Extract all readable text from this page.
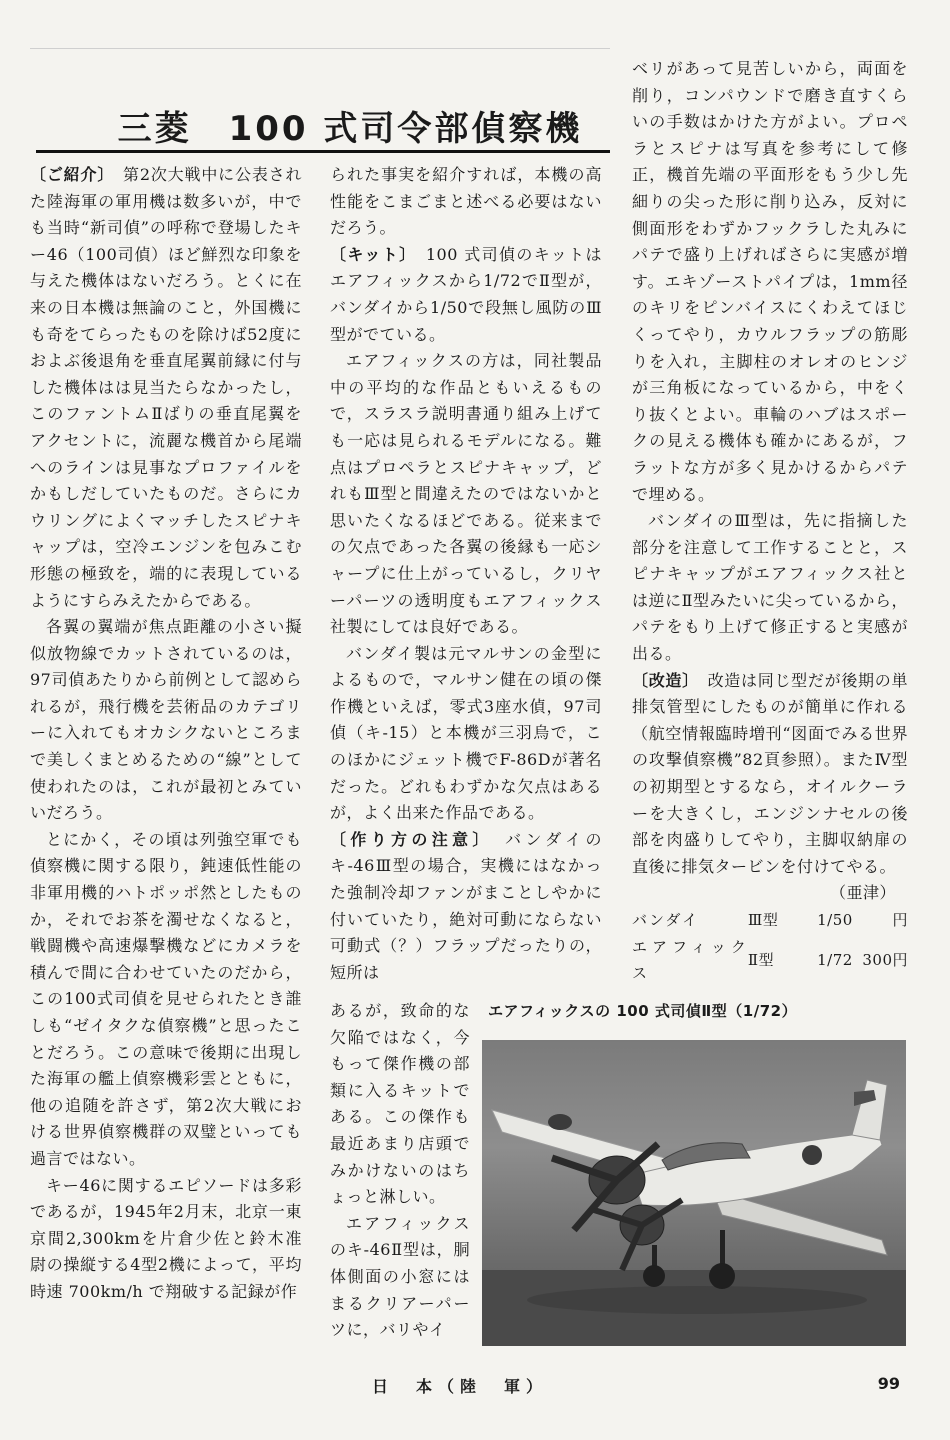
三菱　100 式司令部偵察機

〔ご紹介〕　 第2次大戦中に公表された陸海軍の軍用機は数多いが，中でも当時“新司偵”の呼称で登場したキー46（100司偵）ほど鮮烈な印象を与えた機体はないだろう。とくに在来の日本機は無論のこと，外国機にも奇をてらったものを除けば52度におよぶ後退角を垂直尾翼前縁に付与した機体はは見当たらなかったし，このファントムⅡばりの垂直尾翼をアクセントに，流麗な機首から尾端へのラインは見事なプロファイルをかもしだしていたものだ。さらにカウリングによくマッチしたスピナキャップは，空冷エンジンを包みこむ形態の極致を，端的に表現しているようにすらみえたからである。

各翼の翼端が焦点距離の小さい擬似放物線でカットされているのは，97司偵あたりから前例として認められるが，飛行機を芸術品のカテゴリーに入れてもオカシクないところまで美しくまとめるための“線”として使われたのは，これが最初とみていいだろう。

とにかく，その頃は列強空軍でも偵察機に関する限り，鈍速低性能の非軍用機的ハトポッポ然としたものか，それでお茶を濁せなくなると，戦闘機や高速爆撃機などにカメラを積んで間に合わせていたのだから，この100式司偵を見せられたとき誰しも“ゼイタクな偵察機”と思ったことだろう。この意味で後期に出現した海軍の艦上偵察機彩雲とともに，他の追随を許さず，第2次大戦における世界偵察機群の双璧といっても過言ではない。

キー46に関するエピソードは多彩であるが，1945年2月末，北京一東京間2,300kmを片倉少佐と鈴木准尉の操縦する4型2機によって，平均時速 700km/h で翔破する記録が作

られた事実を紹介すれば，本機の高性能をこまごまと述べる必要はないだろう。

〔キット〕　 100 式司偵のキットはエアフィックスから1/72でⅡ型が，バンダイから1/50で段無し風防のⅢ型がでている。

エアフィックスの方は，同社製品中の平均的な作品ともいえるもので，スラスラ説明書通り組み上げても一応は見られるモデルになる。難点はプロペラとスピナキャップ，どれもⅢ型と間違えたのではないかと思いたくなるほどである。従来までの欠点であった各翼の後縁も一応シャープに仕上がっているし，クリヤーパーツの透明度もエアフィックス社製にしては良好である。

バンダイ製は元マルサンの金型によるもので，マルサン健在の頃の傑作機といえば，零式3座水偵，97司偵（キ-15）と本機が三羽烏で，このほかにジェット機でF-86Dが著名だった。どれもわずかな欠点はあるが，よく出来た作品である。

〔作り方の注意〕　 バンダイのキ-46Ⅲ型の場合，実機にはなかった強制冷却ファンがまことしやかに付いていたり，絶対可動にならない可動式（？）フラップだったりの，短所は

あるが，致命的な欠陥ではなく，今もって傑作機の部類に入るキットである。この傑作も最近あまり店頭でみかけないのはちょっと淋しい。

エアフィックスのキ-46Ⅱ型は，胴体側面の小窓にはまるクリアーパーツに，バリやイ

ベリがあって見苦しいから，両面を削り，コンパウンドで磨き直すくらいの手数はかけた方がよい。プロペラとスピナは写真を参考にして修正，機首先端の平面形をもう少し先細りの尖った形に削り込み，反対に側面形をわずかフックラした丸みにパテで盛り上げればさらに実感が増す。エキゾーストパイプは，1mm径のキリをピンバイスにくわえてほじくってやり，カウルフラップの筋彫りを入れ，主脚柱のオレオのヒンジが三角板になっているから，中をくり抜くとよい。車輪のハブはスポークの見える機体も確かにあるが，フラットな方が多く見かけるからパテで埋める。

バンダイのⅢ型は，先に指摘した部分を注意して工作することと，スピナキャップがエアフィックス社とは逆にⅡ型みたいに尖っているから，パテをもり上げて修正すると実感が出る。

〔改造〕　 改造は同じ型だが後期の単排気管型にしたものが簡単に作れる（航空情報臨時増刊“図面でみる世界の攻撃偵察機”82頁参照）。またⅣ型の初期型とするなら，オイルクーラーを大きくし，エンジンナセルの後部を肉盛りしてやり，主脚収納扉の直後に排気タービンを付けてやる。

（亜津）

バンダイ	Ⅲ型	1/50	円
エアフィックス	Ⅱ型	1/72	300円
エアフィックスの 100 式司偵Ⅱ型（1/72）
日　本（陸　軍）	99
